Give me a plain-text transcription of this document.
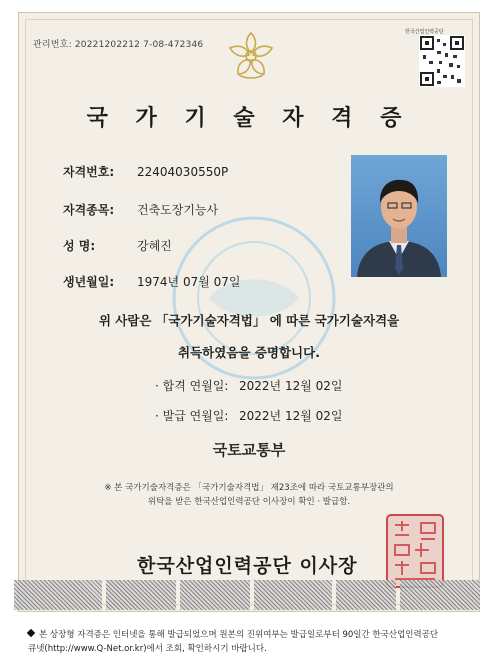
관리번호: 20221202212 7-08-472346
한국산업인력공단
국 가 기 술 자 격 증
자격번호: 22404030550P
자격종목: 건축도장기능사
성 명:	강혜진
생년월일: 1974년 07월 07일
위 사람은 「국가기술자격법」 에 따른 국가기술자격을
취득하였음을 증명합니다.
· 합격 연월일: 2022년 12월 02일
· 발급 연월일: 2022년 12월 02일
국토교통부
※ 본 국가기술자격증은 「국가기술자격법」 제23조에 따라 국토교통부장관의
위탁을 받은 한국산업인력공단 이사장이 확인 · 발급함.
한국산업인력공단 이사장
본 상장형 자격증은 인터넷을 통해 발급되었으며 원본의 진위여부는 발급일로부터 90일간 한국산업인력공단
큐넷(http://www.Q-Net.or.kr)에서 조회, 확인하시기 바랍니다.
